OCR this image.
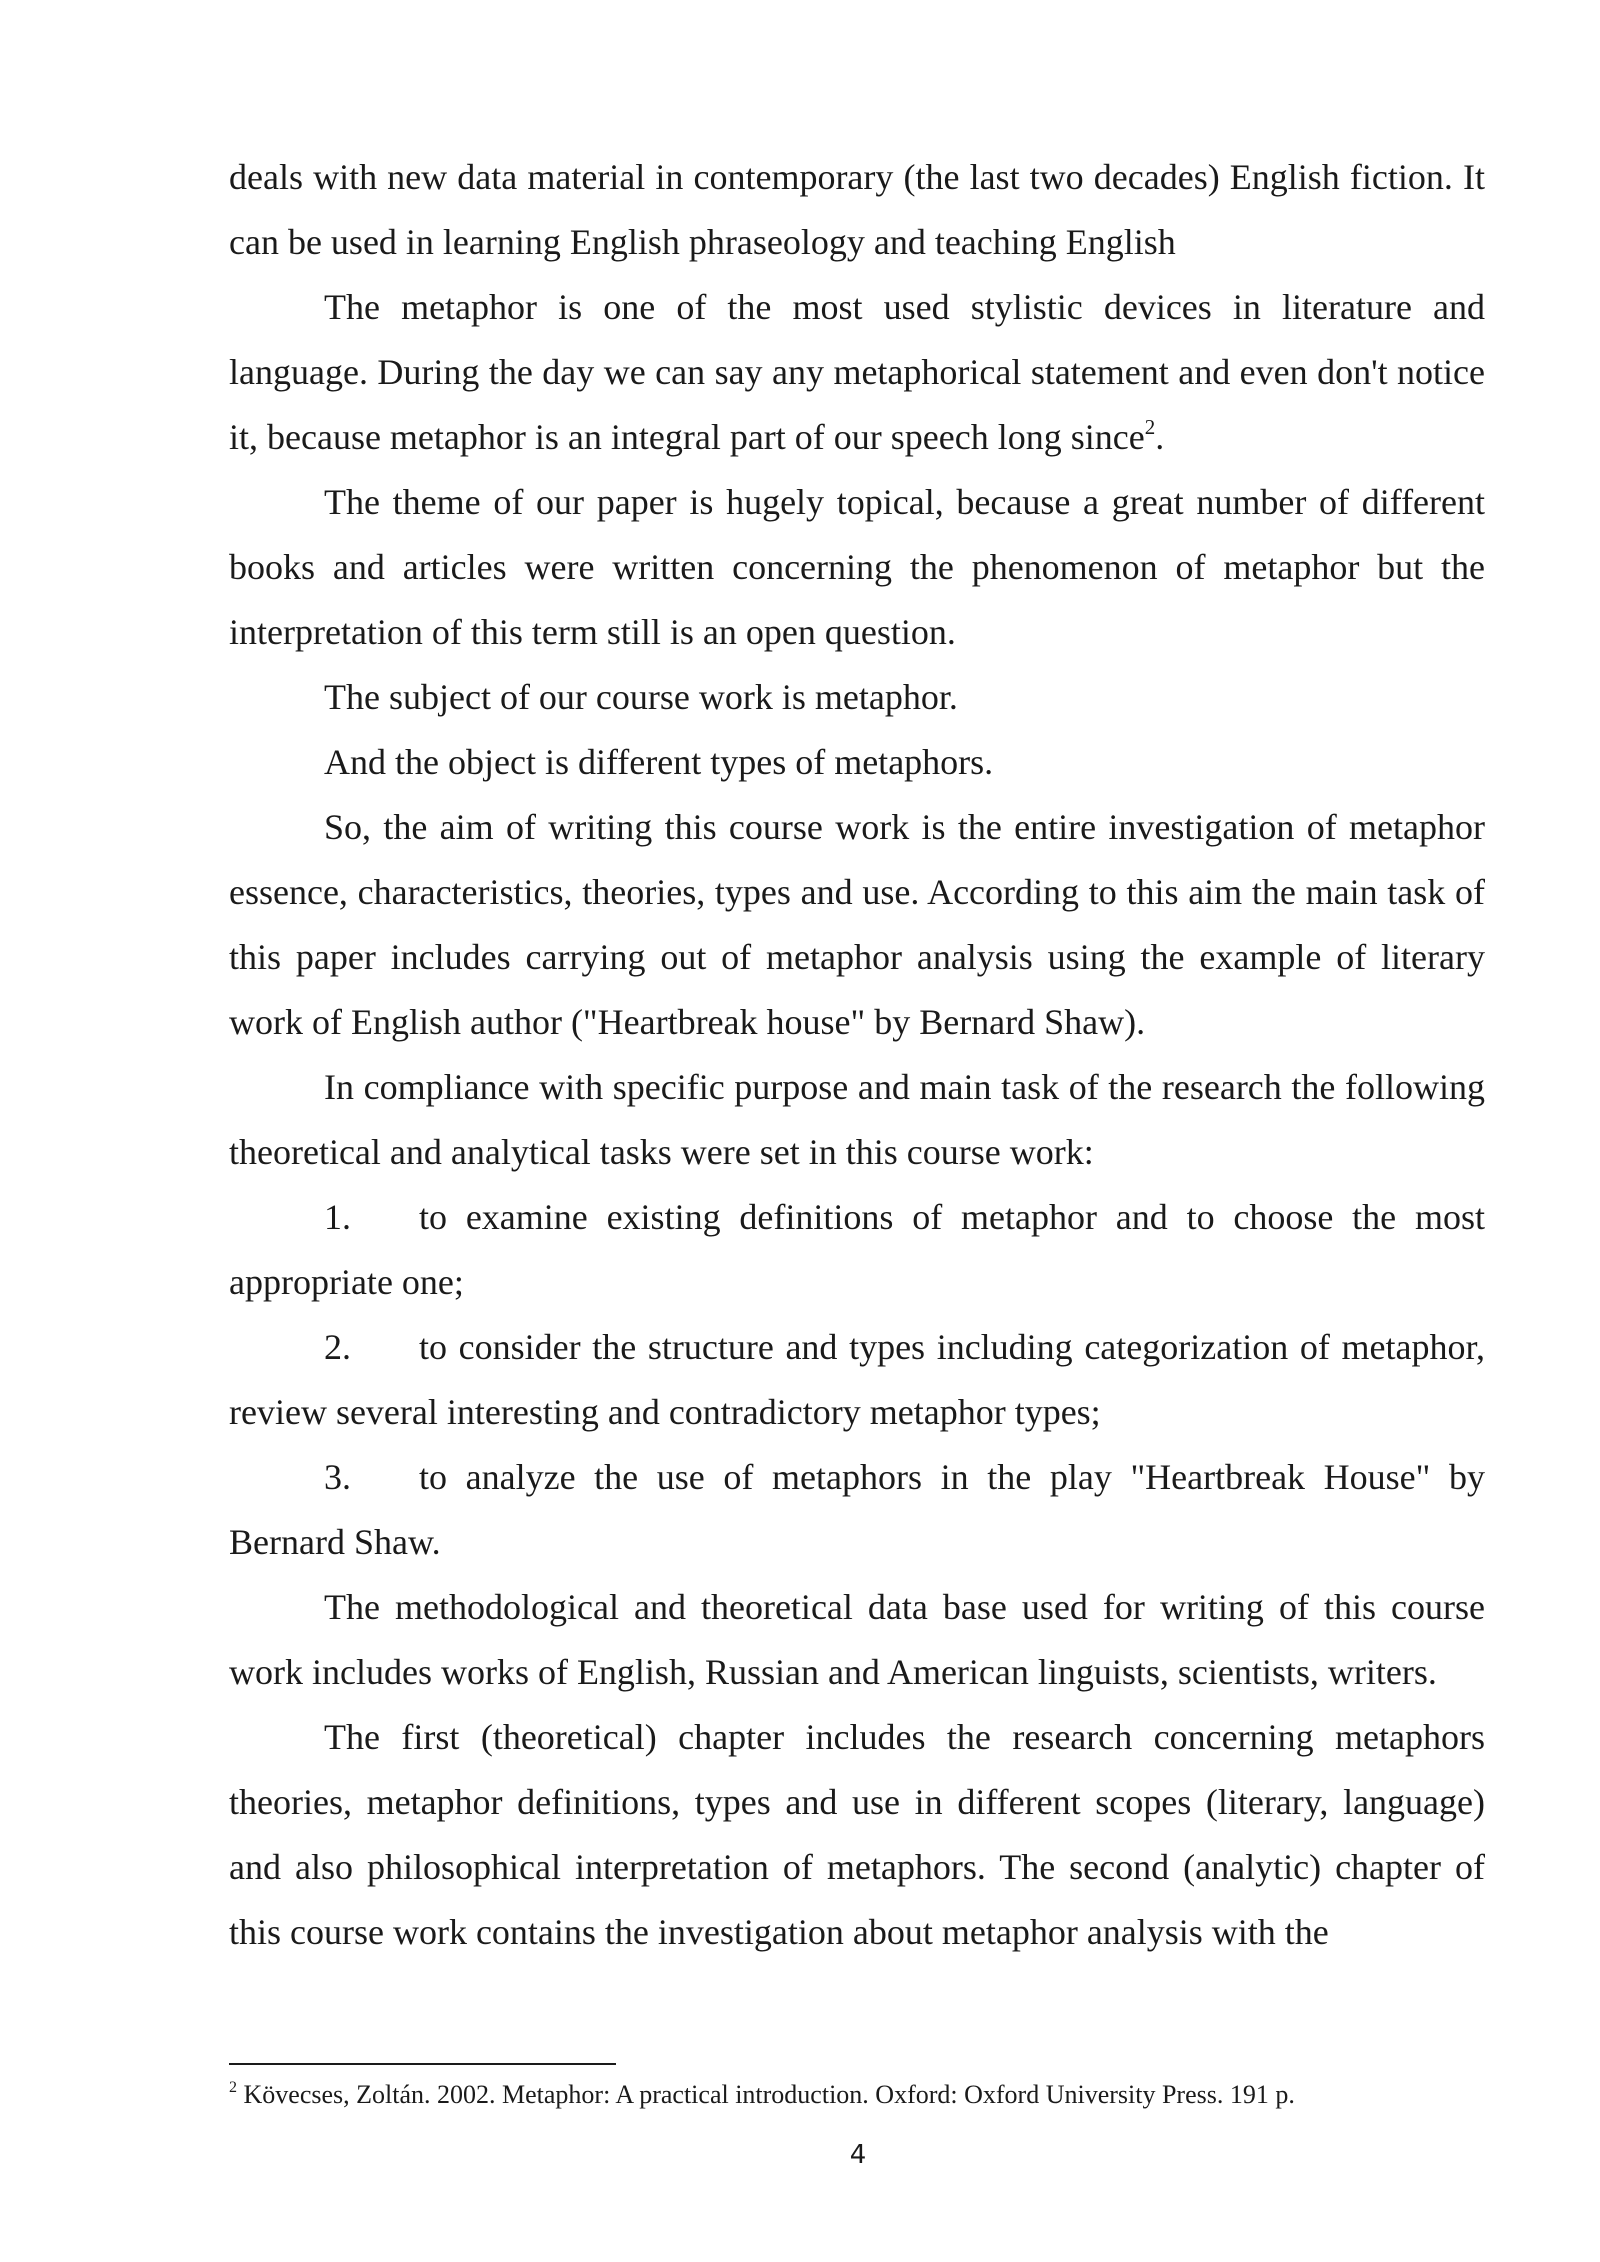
deals with new data material in contemporary (the last two decades) English fiction. It can be used in learning English phraseology and teaching English

The metaphor is one of the most used stylistic devices in literature and language. During the day we can say any metaphorical statement and even don't notice it, because metaphor is an integral part of our speech long since$^2$.

The theme of our paper is hugely topical, because a great number of different books and articles were written concerning the phenomenon of metaphor but the interpretation of this term still is an open question.

The subject of our course work is metaphor.

And the object is different types of metaphors.

So, the aim of writing this course work is the entire investigation of metaphor essence, characteristics, theories, types and use. According to this aim the main task of this paper includes carrying out of metaphor analysis using the example of literary work of English author ("Heartbreak house" by Bernard Shaw).

In compliance with specific purpose and main task of the research the following theoretical and analytical tasks were set in this course work:

1. to examine existing definitions of metaphor and to choose the most appropriate one;

2. to consider the structure and types including categorization of metaphor, review several interesting and contradictory metaphor types;

3. to analyze the use of metaphors in the play "Heartbreak House" by Bernard Shaw.

The methodological and theoretical data base used for writing of this course work includes works of English, Russian and American linguists, scientists, writers.

The first (theoretical) chapter includes the research concerning metaphors theories, metaphor definitions, types and use in different scopes (literary, language) and also philosophical interpretation of metaphors. The second (analytic) chapter of this course work contains the investigation about metaphor analysis with the

$^2$ Kövecses, Zoltán. 2002. Metaphor: A practical introduction. Oxford: Oxford University Press. 191 p.

4
